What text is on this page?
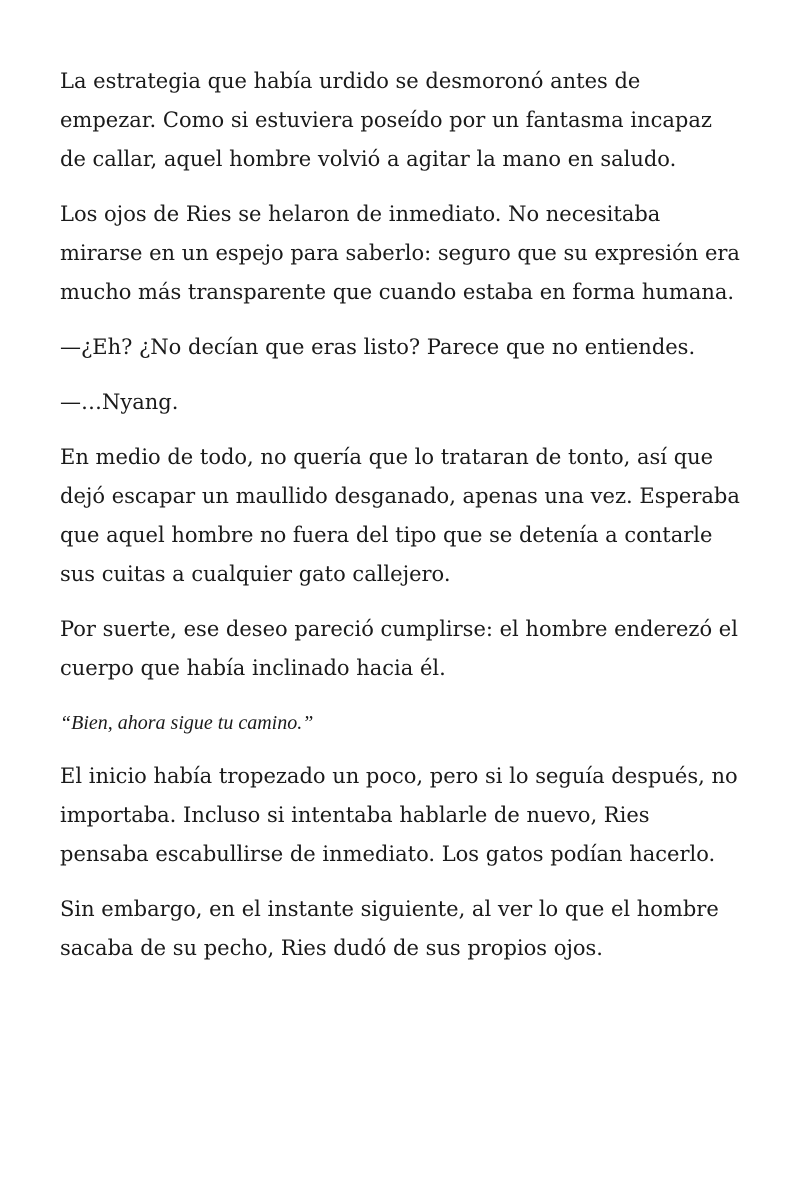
La estrategia que había urdido se desmoronó antes de empezar. Como si estuviera poseído por un fantasma incapaz de callar, aquel hombre volvió a agitar la mano en saludo.

Los ojos de Ries se helaron de inmediato. No necesitaba mirarse en un espejo para saberlo: seguro que su expresión era mucho más transparente que cuando estaba en forma humana.

—¿Eh? ¿No decían que eras listo? Parece que no entiendes.

—…Nyang.

En medio de todo, no quería que lo trataran de tonto, así que dejó escapar un maullido desganado, apenas una vez. Esperaba que aquel hombre no fuera del tipo que se detenía a contarle sus cuitas a cualquier gato callejero.

Por suerte, ese deseo pareció cumplirse: el hombre enderezó el cuerpo que había inclinado hacia él.

“Bien, ahora sigue tu camino.”

El inicio había tropezado un poco, pero si lo seguía después, no importaba. Incluso si intentaba hablarle de nuevo, Ries pensaba escabullirse de inmediato. Los gatos podían hacerlo.

Sin embargo, en el instante siguiente, al ver lo que el hombre sacaba de su pecho, Ries dudó de sus propios ojos.
